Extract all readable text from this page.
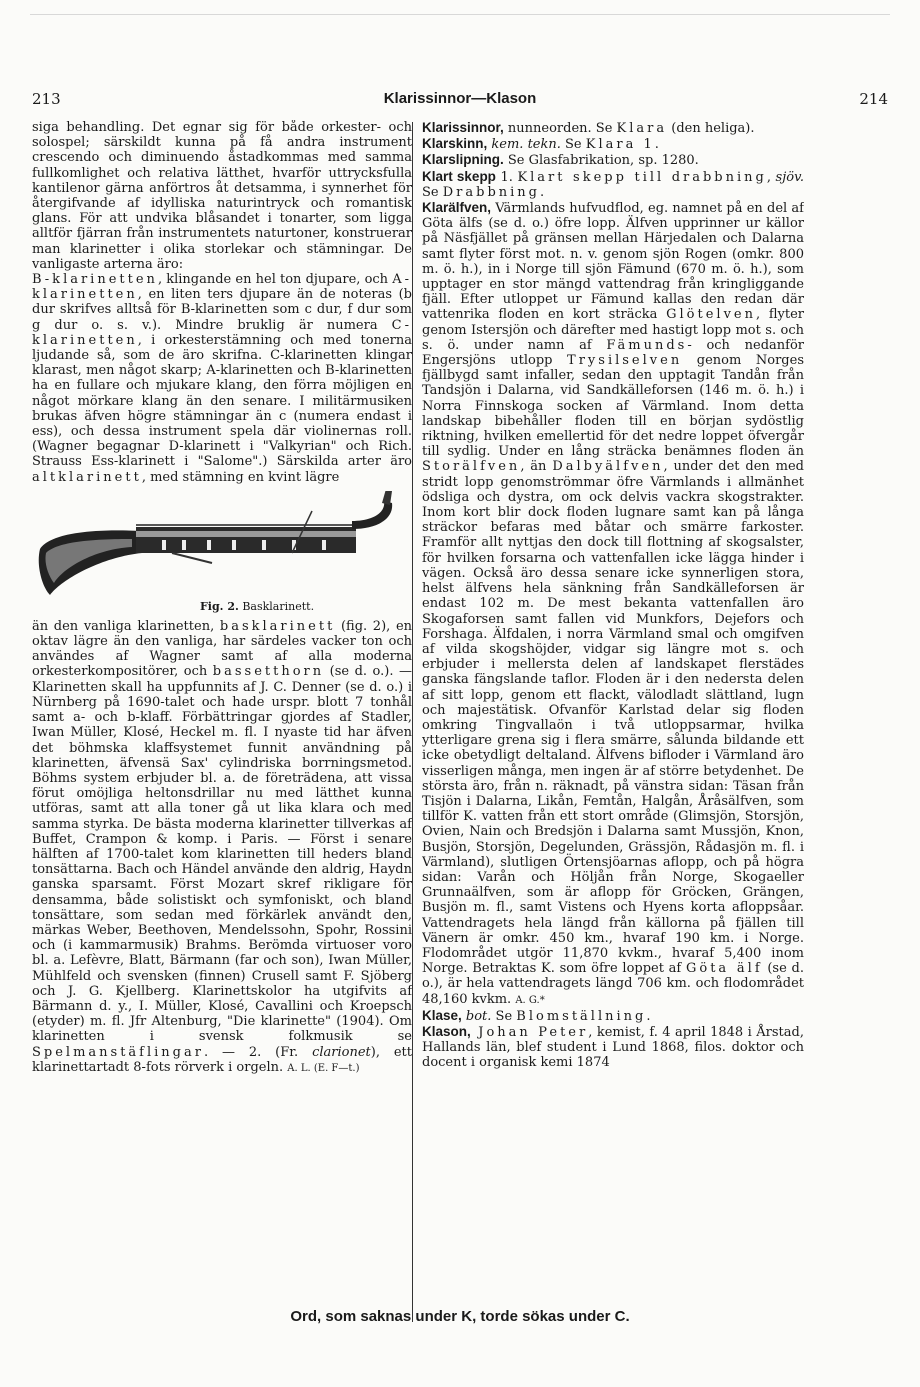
213	Klarissinnor—Klason	214

siga behandling. Det egnar sig för både orkester- och solospel; särskildt kunna på få andra instrument crescendo och diminuendo åstadkommas med samma fullkomlighet och relativa lätthet, hvarför uttrycksfulla kantilenor gärna anförtros åt detsamma, i synnerhet för återgifvande af idylliska naturintryck och romantisk glans. För att undvika blåsandet i tonarter, som ligga alltför fjärran från instrumentets naturtoner, konstruerar man klarinetter i olika storlekar och stämningar. De vanligaste arterna äro:

B-klarinetten, klingande en hel ton djupare, och A-klarinetten, en liten ters djupare än de noteras (b dur skrifves alltså för B-klarinetten som c dur, f dur som g dur o. s. v.). Mindre bruklig är numera C-klarinetten, i orkesterstämning och med tonerna ljudande så, som de äro skrifna. C-klarinetten klingar klarast, men något skarp; A-klarinetten och B-klarinetten ha en fullare och mjukare klang, den förra möjligen en något mörkare klang än den senare. I militärmusiken brukas äfven högre stämningar än c (numera endast i ess), och dessa instrument spela där violinernas roll. (Wagner begagnar D-klarinett i "Valkyrian" och Rich. Strauss Ess-klarinett i "Salome".) Särskilda arter äro altklarinett, med stämning en kvint lägre

Fig. 2. Basklarinett.

än den vanliga klarinetten, basklarinett (fig. 2), en oktav lägre än den vanliga, har särdeles vacker ton och användes af Wagner samt af alla moderna orkesterkompositörer, och bassetthorn (se d. o.). — Klarinetten skall ha uppfunnits af J. C. Denner (se d. o.) i Nürnberg på 1690-talet och hade urspr. blott 7 tonhål samt a- och b-klaff. Förbättringar gjordes af Stadler, Iwan Müller, Klosé, Heckel m. fl. I nyaste tid har äfven det böhmska klaffsystemet funnit användning på klarinetten, äfvensä Sax' cylindriska borrningsmetod. Böhms system erbjuder bl. a. de företrädena, att vissa förut omöjliga heltonsdrillar nu med lätthet kunna utföras, samt att alla toner gå ut lika klara och med samma styrka. De bästa moderna klarinetter tillverkas af Buffet, Crampon & komp. i Paris. — Först i senare hälften af 1700-talet kom klarinetten till heders bland tonsättarna. Bach och Händel använde den aldrig, Haydn ganska sparsamt. Först Mozart skref rikligare för densamma, både solistiskt och symfoniskt, och bland tonsättare, som sedan med förkärlek användt den, märkas Weber, Beethoven, Mendelssohn, Spohr, Rossini och (i kammarmusik) Brahms. Berömda virtuoser voro bl. a. Lefèvre, Blatt, Bärmann (far och son), Iwan Müller, Mühlfeld och svensken (finnen) Crusell samt F. Sjöberg och J. G. Kjellberg. Klarinettskolor ha utgifvits af Bärmann d. y., I. Müller, Klosé, Cavallini och Kroepsch (etyder) m. fl. Jfr Altenburg, "Die klarinette" (1904). Om klarinetten i svensk folkmusik se Spelmanstäflingar. — 2. (Fr. clarionet), ett klarinettartadt 8-fots rörverk i orgeln. A. L. (E. F—t.)

Klarissinnor, nunneorden. Se Klara (den heliga).

Klarskinn, kem. tekn. Se Klara 1.

Klarslipning. Se Glasfabrikation, sp. 1280.

Klart skepp 1. Klart skepp till drabbning, sjöv. Se Drabbning.

Klarälfven, Värmlands hufvudflod, eg. namnet på en del af Göta älfs (se d. o.) öfre lopp. Älfven upprinner ur källor på Näsfjället på gränsen mellan Härjedalen och Dalarna samt flyter först mot. n. v. genom sjön Rogen (omkr. 800 m. ö. h.), in i Norge till sjön Fämund (670 m. ö. h.), som upptager en stor mängd vattendrag från kringliggande fjäll. Efter utloppet ur Fämund kallas den redan där vattenrika floden en kort sträcka Glötelven, flyter genom Istersjön och därefter med hastigt lopp mot s. och s. ö. under namn af Fämunds- och nedanför Engersjöns utlopp Trysilselven genom Norges fjällbygd samt infaller, sedan den upptagit Tandån från Tandsjön i Dalarna, vid Sandkälleforsen (146 m. ö. h.) i Norra Finnskoga socken af Värmland. Inom detta landskap bibehåller floden till en början sydöstlig riktning, hvilken emellertid för det nedre loppet öfvergår till sydlig. Under en lång sträcka benämnes floden än Storälfven, än Dalbyälfven, under det den med stridt lopp genomströmmar öfre Värmlands i allmänhet ödsliga och dystra, om ock delvis vackra skogstrakter. Inom kort blir dock floden lugnare samt kan på långa sträckor befaras med båtar och smärre farkoster. Framför allt nyttjas den dock till flottning af skogsalster, för hvilken forsarna och vattenfallen icke lägga hinder i vägen. Också äro dessa senare icke synnerligen stora, helst älfvens hela sänkning från Sandkälleforsen är endast 102 m. De mest bekanta vattenfallen äro Skogaforsen samt fallen vid Munkfors, Dejefors och Forshaga. Älfdalen, i norra Värmland smal och omgifven af vilda skogshöjder, vidgar sig längre mot s. och erbjuder i mellersta delen af landskapet flerstädes ganska fängslande taflor. Floden är i den nedersta delen af sitt lopp, genom ett flackt, välodladt slättland, lugn och majestätisk. Ofvanför Karlstad delar sig floden omkring Tingvallaön i två utloppsarmar, hvilka ytterligare grena sig i flera smärre, sålunda bildande ett icke obetydligt deltaland. Älfvens bifloder i Värmland äro visserligen många, men ingen är af större betydenhet. De största äro, från n. räknadt, på vänstra sidan: Täsan från Tisjön i Dalarna, Likån, Femtån, Halgån, Åråsälfven, som tillför K. vatten från ett stort område (Glimsjön, Storsjön, Ovien, Nain och Bredsjön i Dalarna samt Mussjön, Knon, Busjön, Storsjön, Degelunden, Grässjön, Rådasjön m. fl. i Värmland), slutligen Örtensjöarnas aflopp, och på högra sidan: Varån och Höljån från Norge, Skogaeller Grunnaälfven, som är aflopp för Gröcken, Grängen, Busjön m. fl., samt Vistens och Hyens korta afloppsåar. Vattendragets hela längd från källorna på fjällen till Vänern är omkr. 450 km., hvaraf 190 km. i Norge. Flodområdet utgör 11,870 kvkm., hvaraf 5,400 inom Norge. Betraktas K. som öfre loppet af Göta älf (se d. o.), är hela vattendragets längd 706 km. och flodområdet 48,160 kvkm. A. G.*

Klase, bot. Se Blomställning.

Klason, Johan Peter, kemist, f. 4 april 1848 i Årstad, Hallands län, blef student i Lund 1868, filos. doktor och docent i organisk kemi 1874

Ord, som saknas under K, torde sökas under C.
